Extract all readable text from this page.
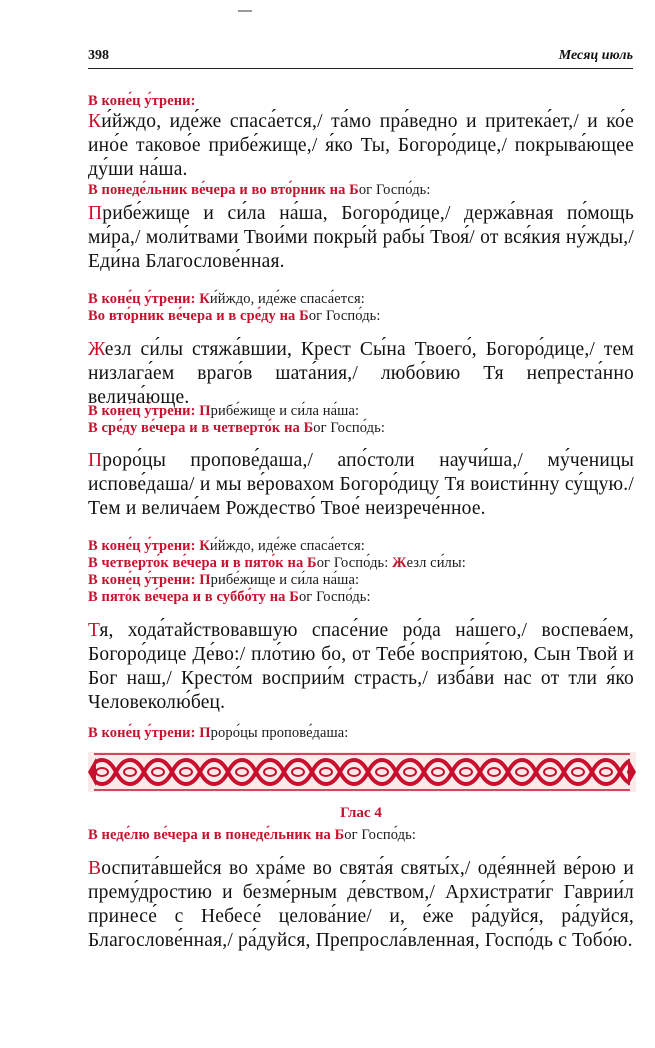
398	Месяц июль
В коне́ц у́трени:

Ки́йждо, иде́же спаса́ется,/ та́мо пра́ведно и притека́ет,/ и ко́е ино́е таково́е прибе́жище,/ я́ко Ты, Богоро́дице,/ покрыва́ющее ду́ши на́ша.

В понеде́льник ве́чера и во вто́рник на Бог Госпо́дь:

Прибе́жище и си́ла на́ша, Богоро́дице,/ держа́вная по́мощь ми́ра,/ моли́твами Твои́ми покры́й рабы́ Твоя́/ от вся́кия ну́жды,/ Еди́на Благослове́нная.

В коне́ц у́трени: Ки́йждо, иде́же спаса́ется:
Во вто́рник ве́чера и в сре́ду на Бог Госпо́дь:

Жезл си́лы стяжа́вшии, Крест Сы́на Твоего́, Богоро́дице,/ тем низлага́ем враго́в шата́ния,/ любо́вию Тя непреста́нно велича́юще.

В коне́ц у́трени: Прибе́жище и си́ла на́ша:
В сре́ду ве́чера и в четверто́к на Бог Госпо́дь:

Проро́цы пропове́даша,/ апо́столи научи́ша,/ му́ченицы испове́даша/ и мы ве́ровахом Богоро́дицу Тя воисти́нну су́щую./ Тем и велича́ем Рождество́ Твое́ неизрече́нное.

В коне́ц у́трени: Ки́йждо, иде́же спаса́ется:
В четверто́к ве́чера и в пято́к на Бог Госпо́дь: Жезл си́лы:
В коне́ц у́трени: Прибе́жище и си́ла на́ша:
В пято́к ве́чера и в суббо́ту на Бог Госпо́дь:

Тя, хода́тайствовавшую спасе́ние ро́да на́шего,/ воспева́ем, Богоро́дице Де́во:/ пло́тию бо, от Тебе́ восприя́тою, Сын Твой и Бог наш,/ Кресто́м восприи́м страсть,/ изба́ви нас от тли я́ко Человеколю́бец.

В коне́ц у́трени: Проро́цы пропове́даша:
В неде́лю ве́чера и в понеде́льник на Бог Госпо́дь:

Воспита́вшейся во хра́ме во свята́я святы́х,/ оде́янней ве́рою и прему́дростию и безме́рным де́вством,/ Архистрати́г Гаврии́л принесе́ с Небесе́ целова́ние/ и, е́же ра́дуйся, ра́дуйся, Благослове́нная,/ ра́дуйся, Препросла́вленная, Госпо́дь с Тобо́ю.

Глас 4
